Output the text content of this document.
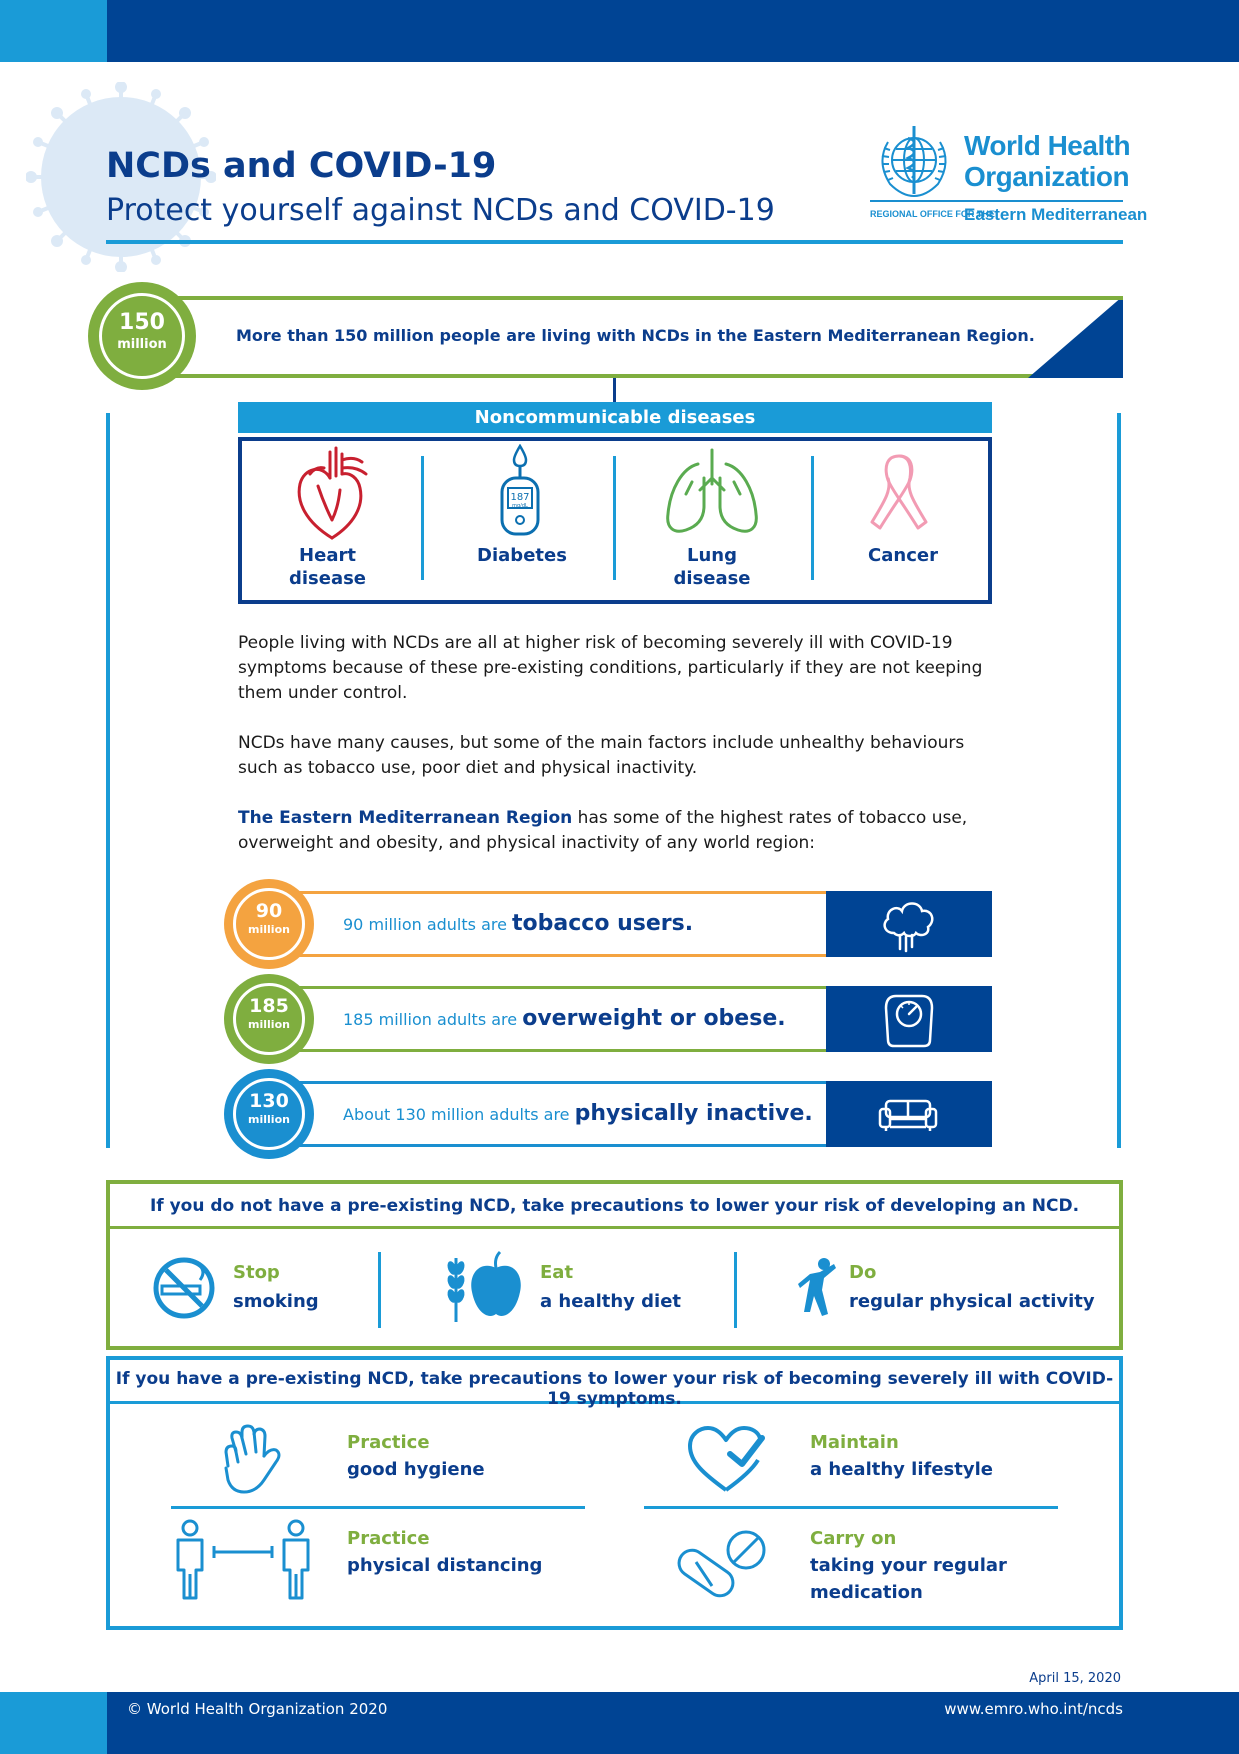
NCDs and COVID-19
Protect yourself against NCDs and COVID-19
World Health
Organization
REGIONAL OFFICE FOR THE
Eastern Mediterranean
150
million	More than 150 million people are living with NCDs in the Eastern Mediterranean Region.
Noncommunicable diseases
Heart
disease
187
mg/dL
Diabetes	Lung
disease
Cancer
People living with NCDs are all at higher risk of becoming severely ill with COVID-19 symptoms because of these pre-existing conditions, particularly if they are not keeping them under control.
NCDs have many causes, but some of the main factors include unhealthy behaviours such as tobacco use, poor diet and physical inactivity.
The Eastern Mediterranean Region has some of the highest rates of tobacco use, overweight and obesity, and physical inactivity of any world region:
90
million	90 million adults are tobacco users.
185
million	185 million adults are overweight or obese.
130
million	About 130 million adults are physically inactive.
If you do not have a pre-existing NCD, take precautions to lower your risk of developing an NCD.
Stop
smoking
Eat
a healthy diet
Do
regular physical activity
If you have a pre-existing NCD, take precautions to lower your risk of becoming severely ill with COVID-19 symptoms.
Practice
good hygiene
Maintain
a healthy lifestyle
Practice
physical distancing
Carry on
taking your regular
medication
April 15, 2020
© World Health Organization 2020	www.emro.who.int/ncds
